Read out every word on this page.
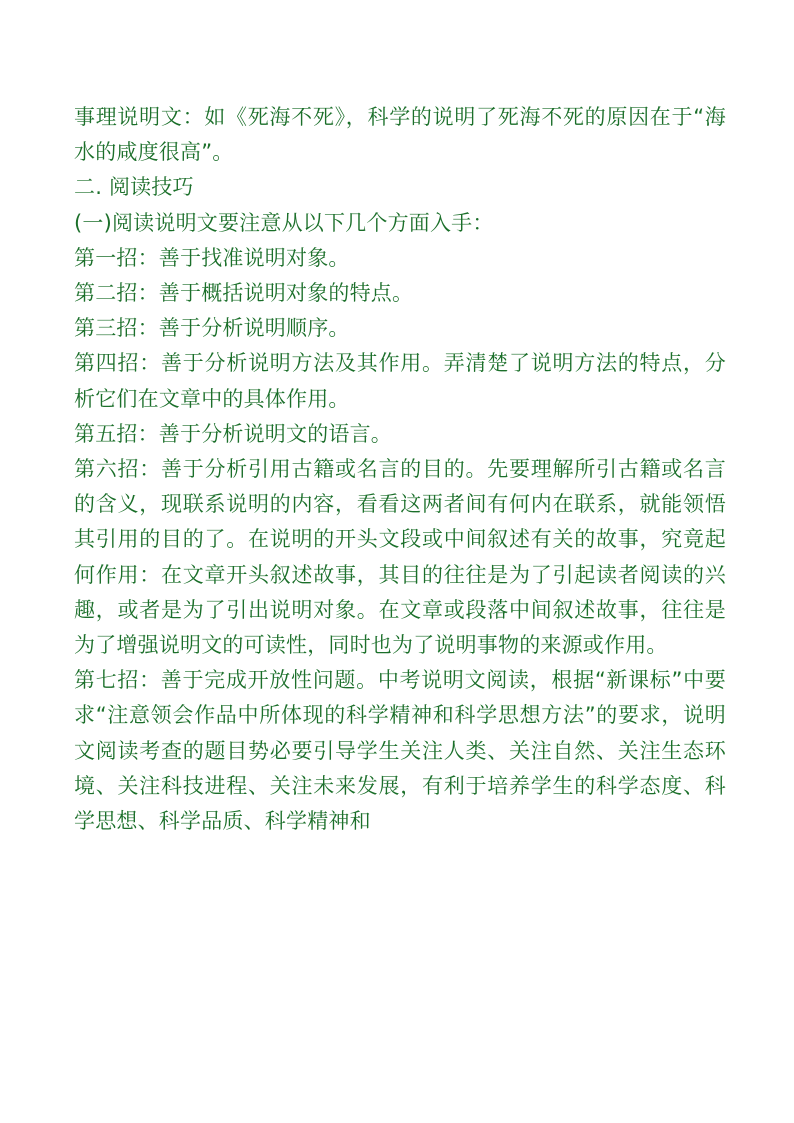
事理说明文：如《死海不死》，科学的说明了死海不死的原因在于“海水的咸度很高”。

二. 阅读技巧

(一)阅读说明文要注意从以下几个方面入手：

第一招：善于找准说明对象。

第二招：善于概括说明对象的特点。

第三招：善于分析说明顺序。

第四招：善于分析说明方法及其作用。弄清楚了说明方法的特点，分析它们在文章中的具体作用。

第五招：善于分析说明文的语言。

第六招：善于分析引用古籍或名言的目的。先要理解所引古籍或名言的含义，现联系说明的内容，看看这两者间有何内在联系，就能领悟其引用的目的了。在说明的开头文段或中间叙述有关的故事，究竟起何作用：在文章开头叙述故事，其目的往往是为了引起读者阅读的兴趣，或者是为了引出说明对象。在文章或段落中间叙述故事，往往是为了增强说明文的可读性，同时也为了说明事物的来源或作用。

第七招：善于完成开放性问题。中考说明文阅读，根据“新课标”中要求“注意领会作品中所体现的科学精神和科学思想方法”的要求，说明文阅读考查的题目势必要引导学生关注人类、关注自然、关注生态环境、关注科技进程、关注未来发展，有利于培养学生的科学态度、科学思想、科学品质、科学精神和
